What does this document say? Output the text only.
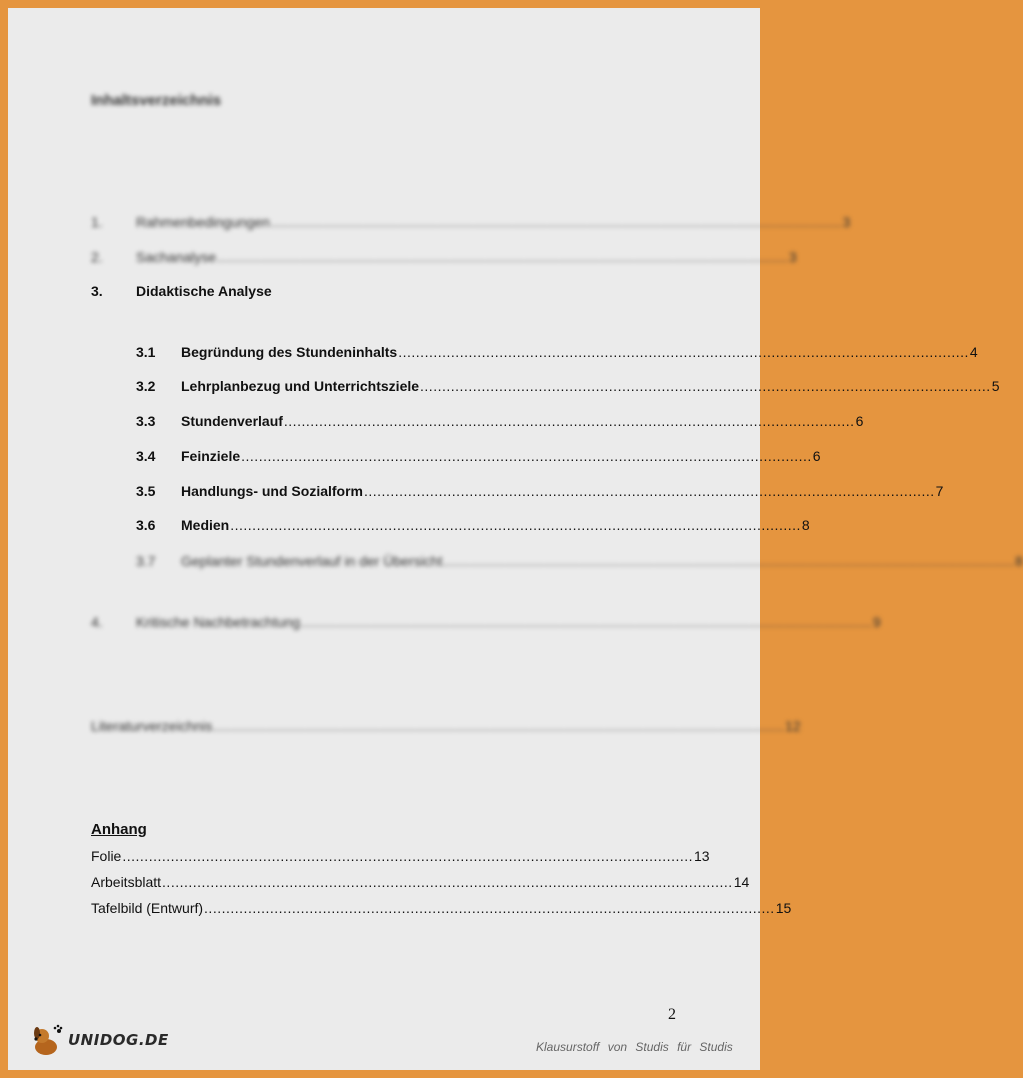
Inhaltsverzeichnis
1.	Rahmenbedingungen .................................................................................................................................. 3
2.	Sachanalyse .................................................................................................................................. 3
3.	Didaktische Analyse
3.1	Begründung des Stundeninhalts .................................................................................................................................. 4
3.2	Lehrplanbezug und Unterrichtsziele .................................................................................................................................. 5
3.3	Stundenverlauf .................................................................................................................................. 6
3.4	Feinziele .................................................................................................................................. 6
3.5	Handlungs- und Sozialform .................................................................................................................................. 7
3.6	Medien .................................................................................................................................. 8
3.7	Geplanter Stundenverlauf in der Übersicht .................................................................................................................................. 8
4.	Kritische Nachbetrachtung .................................................................................................................................. 9
Literaturverzeichnis .................................................................................................................................. 12
Anhang
Folie .................................................................................................................................. 13
Arbeitsblatt .................................................................................................................................. 14
Tafelbild (Entwurf) .................................................................................................................................. 15
2
UNIDOG.DE	Klausurstoff von Studis für Studis
